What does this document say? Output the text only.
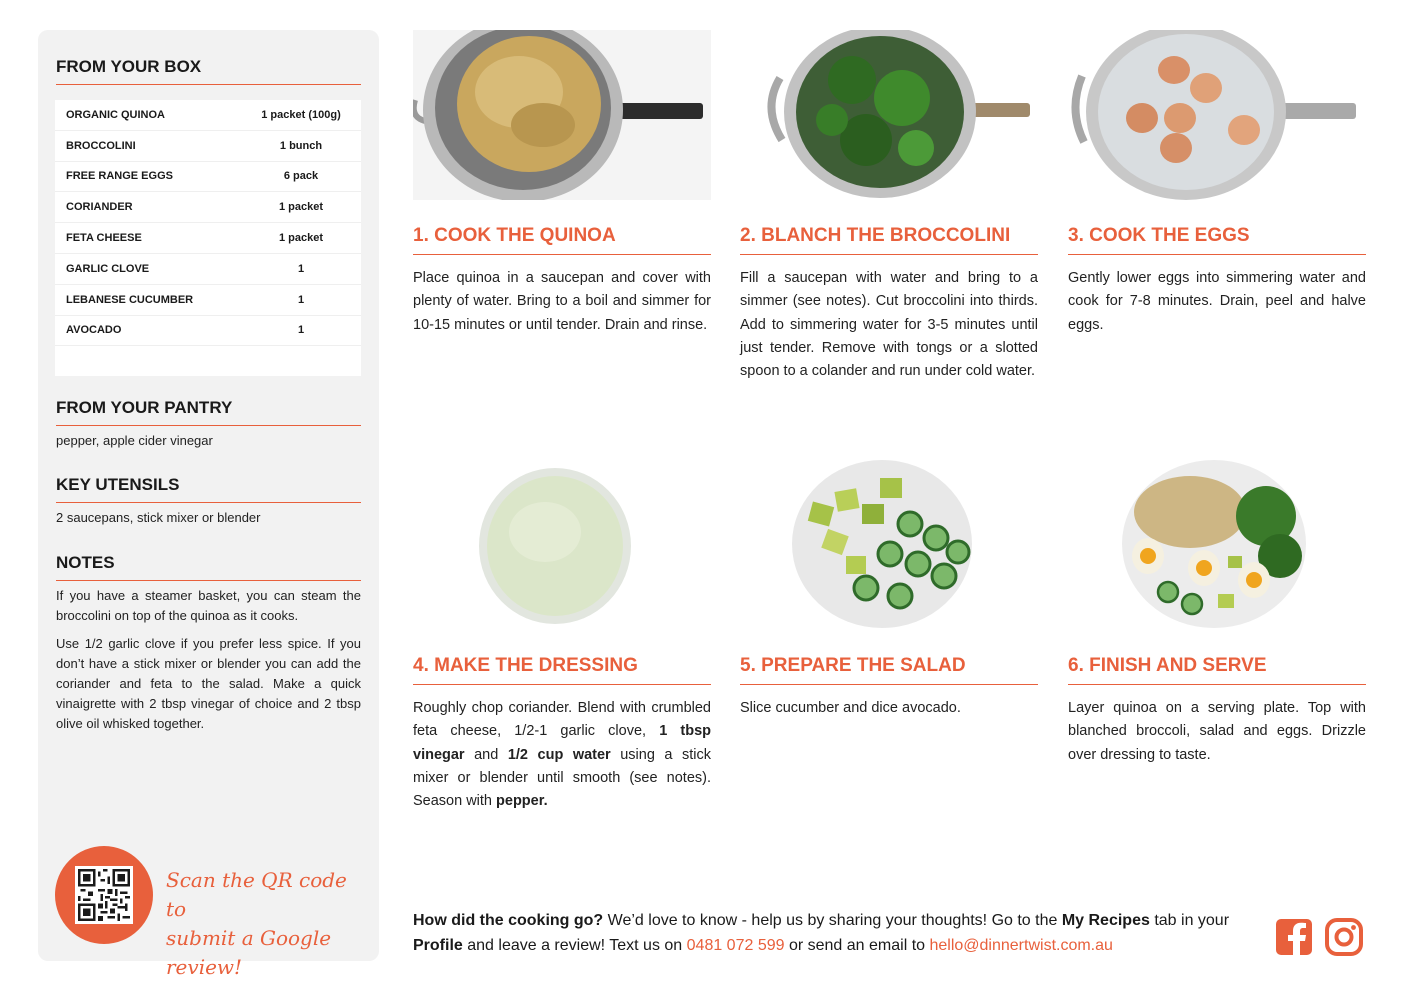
FROM YOUR BOX
ORGANIC QUINOA	1 packet (100g)
BROCCOLINI	1 bunch
FREE RANGE EGGS	6 pack
CORIANDER	1 packet
FETA CHEESE	1 packet
GARLIC CLOVE	1
LEBANESE CUCUMBER	1
AVOCADO	1
FROM YOUR PANTRY
pepper, apple cider vinegar
KEY UTENSILS
2 saucepans, stick mixer or blender
NOTES

If you have a steamer basket, you can steam the broccolini on top of the quinoa as it cooks.

Use 1/2 garlic clove if you prefer less spice. If you don’t have a stick mixer or blender you can add the coriander and feta to the salad. Make a quick vinaigrette with 2 tbsp vinegar of choice and 2 tbsp olive oil whisked together.

Scan the QR code to
submit a Google review!
1. COOK THE QUINOA
Place quinoa in a saucepan and cover with plenty of water. Bring to a boil and simmer for 10-15 minutes or until tender. Drain and rinse.
2. BLANCH THE BROCCOLINI
Fill a saucepan with water and bring to a simmer (see notes). Cut broccolini into thirds. Add to simmering water for 3-5 minutes until just tender. Remove with tongs or a slotted spoon to a colander and run under cold water.
3. COOK THE EGGS
Gently lower eggs into simmering water and cook for 7-8 minutes. Drain, peel and halve eggs.
4. MAKE THE DRESSING
Roughly chop coriander. Blend with crumbled feta cheese, 1/2-1 garlic clove, 1 tbsp vinegar and 1/2 cup water using a stick mixer or blender until smooth (see notes). Season with pepper.
5. PREPARE THE SALAD
Slice cucumber and dice avocado.
6. FINISH AND SERVE
Layer quinoa on a serving plate. Top with blanched broccoli, salad and eggs. Drizzle over dressing to taste.
How did the cooking go? We’d love to know - help us by sharing your thoughts! Go to the My Recipes tab in your Profile and leave a review! Text us on 0481 072 599 or send an email to hello@dinnertwist.com.au
